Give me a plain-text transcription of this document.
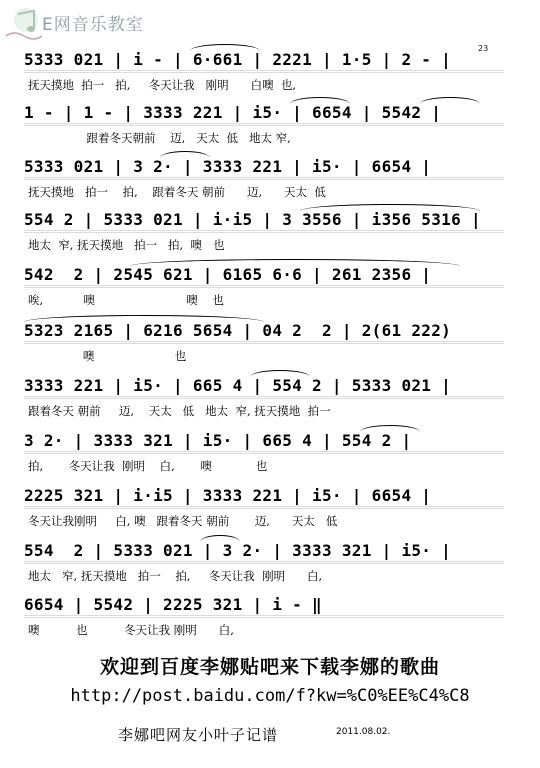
E网音乐教室
5333 021 | i - | 6·661 | 2221 | 1·5 | 2 - |
抚天摸地  拍一   拍,     冬天让我   刚明      白噢  也,
23
1 - | 1 - | 3333 221 | i5· | 6654 | 5542 |
跟着冬天朝前    迈,   天太  低   地太 窄,
5333 021 | 3 2· | 3333 221 | i5· | 6654 |
抚天摸地   拍一    拍,    跟着冬天 朝前      迈,      天太  低
554 2 | 5333 021 | i·i5 | 3 3556 | i356 5316 |
地太  窄, 抚天摸地   拍一   拍,  噢   也
542  2 | 2545 621 | 6165 6·6 | 261 2356 |
唉,           噢                         噢    也
5323 2165 | 6216 5654 | 04 2  2 | 2(61 222)
噢                      也
3333 221 | i5· | 665 4 | 554 2 | 5333 021 |
跟着冬天 朝前     迈,    天太   低   地太  窄, 抚天摸地  拍一
3 2· | 3333 321 | i5· | 665 4 | 554 2 |
拍,       冬天让我  刚明    白,       噢            也
2225 321 | i·i5 | 3333 221 | i5· | 6654 |
冬天让我刚明     白, 噢   跟着冬天 朝前       迈,      天太   低
554  2 | 5333 021 | 3 2· | 3333 321 | i5· |
地太   窄, 抚天摸地   拍一    拍,     冬天让我  刚明      白,
6654 | 5542 | 2225 321 | i - ‖
噢          也          冬天让我 刚明      白,
欢迎到百度李娜贴吧来下载李娜的歌曲
http://post.baidu.com/f?kw=%C0%EE%C4%C8
李娜吧网友小叶子记谱	2011.08.02.
